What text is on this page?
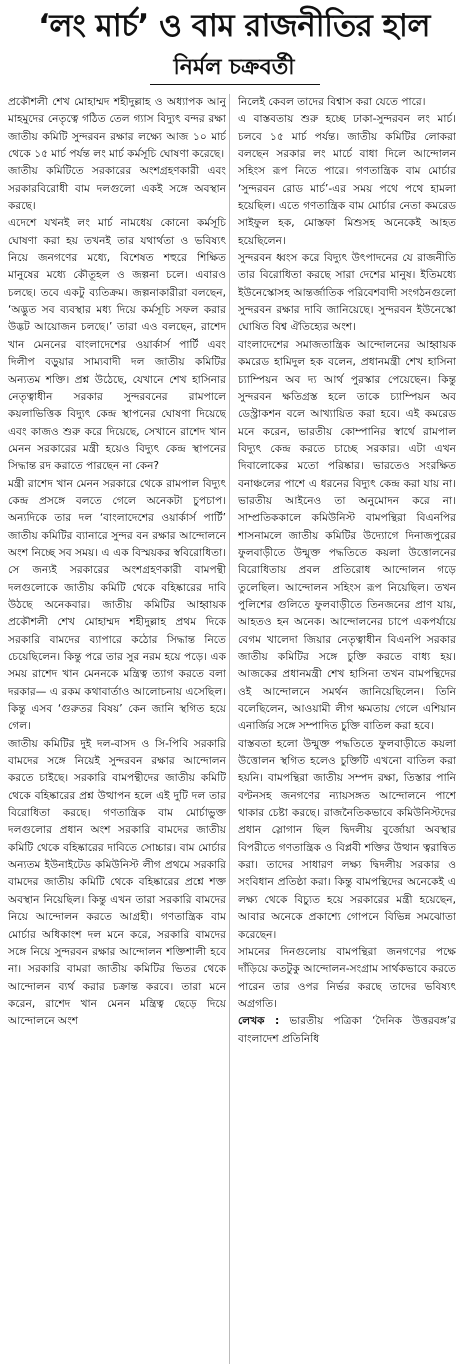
‘লং মার্চ’ ও বাম রাজনীতির হাল
নির্মল চক্রবর্তী

প্রকৌশলী শেখ মোহাম্মদ শহীদুল্লাহ ও অধ্যাপক আনু মাহমুদের নেতৃত্বে গঠিত তেল গ্যাস বিদ্যুৎ বন্দর রক্ষা জাতীয় কমিটি সুন্দরবন রক্ষার লক্ষ্যে আজ ১০ মার্চ থেকে ১৫ মার্চ পর্যন্ত লং মার্চ কর্মসূচি ঘোষণা করেছে।

জাতীয় কমিটিতে সরকারের অংশগ্রহণকারী এবং সরকারবিরোধী বাম দলগুলো একই সঙ্গে অবস্থান করছে।

এদেশে যখনই লং মার্চ নামধেয় কোনো কর্মসূচি ঘোষণা করা হয় তখনই তার যথার্থতা ও ভবিষ্যৎ নিয়ে জনগণের মধ্যে, বিশেষত শহুরে শিক্ষিত মানুষের মধ্যে কৌতূহল ও জল্পনা চলে। এবারও চলছে। তবে একটু ব্যতিক্রম। জল্পনাকারীরা বলছেন, ‘অদ্ভুত সব ব্যবস্থার মধ্য দিয়ে কর্মসূচি সফল করার উদ্ভট আয়োজন চলছে।’ তারা এও বলছেন, রাশেদ খান মেননের বাংলাদেশের ওয়ার্কার্স পার্টি এবং দিলীপ বড়ুয়ার সাম্যবাদী দল জাতীয় কমিটির অন্যতম শক্তি। প্রশ্ন উঠেছে, যেখানে শেখ হাসিনার নেতৃত্বাধীন সরকার সুন্দরবনের রামপালে কয়লাভিত্তিক বিদ্যুৎ কেন্দ্র স্থাপনের ঘোষণা দিয়েছে এবং কাজও শুরু করে দিয়েছে, সেখানে রাশেদ খান মেনন সরকারের মন্ত্রী হয়েও বিদ্যুৎ কেন্দ্র স্থাপনের সিদ্ধান্ত রদ করাতে পারছেন না কেন?

মন্ত্রী রাশেদ খান মেনন সরকারে থেকে রামপাল বিদ্যুৎ কেন্দ্র প্রসঙ্গে বলতে গেলে অনেকটা চুপচাপ। অন্যদিকে তার দল ‘বাংলাদেশের ওয়ার্কার্স পার্টি’ জাতীয় কমিটির ব্যানারে সুন্দর বন রক্ষার আন্দোলনে অংশ নিচ্ছে সব সময়। এ এক বিস্ময়কর স্ববিরোধিতা। সে জন্যই সরকারের অংশগ্রহণকারী বামপন্থী দলগুলোকে জাতীয় কমিটি থেকে বহিষ্কারের দাবি উঠছে অনেকবার। জাতীয় কমিটির আহ্বায়ক প্রকৌশলী শেখ মোহাম্মদ শহীদুল্লাহ প্রথম দিকে সরকারি বামদের ব্যাপারে কঠোর সিদ্ধান্ত নিতে চেয়েছিলেন। কিন্তু পরে তার সুর নরম হয়ে পড়ে। এক সময় রাশেদ খান মেননকে মন্ত্রিত্ব ত্যাগ করতে বলা দরকার— এ রকম কথাবার্তাও আলোচনায় এসেছিল। কিন্তু এসব ‘গুরুতর বিষয়’ কেন জানি স্থগিত হয়ে গেল।

জাতীয় কমিটির দুই দল-বাসদ ও সি-পিবি সরকারি বামদের সঙ্গে নিয়েই সুন্দরবন রক্ষার আন্দোলন করতে চাইছে। সরকারি বামপন্থীদের জাতীয় কমিটি থেকে বহিষ্কারের প্রশ্ন উত্থাপন হলে এই দুটি দল তার বিরোধিতা করছে। গণতান্ত্রিক বাম মোর্চাভুক্ত দলগুলোর প্রধান অংশ সরকারি বামদের জাতীয় কমিটি থেকে বহিষ্কারের দাবিতে সোচ্চার। বাম মোর্চার অন্যতম ইউনাইটেড কমিউনিস্ট লীগ প্রথমে সরকারি বামদের জাতীয় কমিটি থেকে বহিষ্কারের প্রশ্নে শক্ত অবস্থান নিয়েছিল। কিন্তু এখন তারা সরকারি বামদের নিয়ে আন্দোলন করতে আগ্রহী। গণতান্ত্রিক বাম মোর্চার অধিকাংশ দল মনে করে, সরকারি বামদের সঙ্গে নিয়ে সুন্দরবন রক্ষার আন্দোলন শক্তিশালী হবে না। সরকারি বামরা জাতীয় কমিটির ভিতর থেকে আন্দোলন ব্যর্থ করার চক্রান্ত করবে। তারা মনে করেন, রাশেদ খান মেনন মন্ত্রিত্ব ছেড়ে দিয়ে আন্দোলনে অংশ

নিলেই কেবল তাদের বিশ্বাস করা যেতে পারে।

এ বাস্তবতায় শুরু হচ্ছে ঢাকা-সুন্দরবন লং মার্চ। চলবে ১৫ মার্চ পর্যন্ত। জাতীয় কমিটির লোকরা বলছেন সরকার লং মার্চে বাধা দিলে আন্দোলন সহিংস রূপ নিতে পারে। গণতান্ত্রিক বাম মোর্চার ‘সুন্দরবন রোড মার্চ’-এর সময় পথে পথে হামলা হয়েছিল। এতে গণতান্ত্রিক বাম মোর্চার নেতা কমরেড সাইফুল হক, মোস্তফা মিশুসহ অনেকেই আহত হয়েছিলেন।

সুন্দরবন ধ্বংস করে বিদ্যুৎ উৎপাদনের যে রাজনীতি তার বিরোধিতা করছে সারা দেশের মানুষ। ইতিমধ্যে ইউনেস্কোসহ আন্তর্জাতিক পরিবেশবাদী সংগঠনগুলো সুন্দরবন রক্ষার দাবি জানিয়েছে। সুন্দরবন ইউনেস্কো ঘোষিত বিশ্ব ঐতিহ্যের অংশ।

বাংলাদেশের সমাজতান্ত্রিক আন্দোলনের আহ্বায়ক কমরেড হামিদুল হক বলেন, প্রধানমন্ত্রী শেখ হাসিনা চ্যাম্পিয়ন অব দ্য আর্থ পুরস্কার পেয়েছেন। কিন্তু সুন্দরবন ক্ষতিগ্রস্ত হলে তাকে চ্যাম্পিয়ন অব ডেস্ট্রাকশন বলে আখ্যায়িত করা হবে। এই কমরেড মনে করেন, ভারতীয় কোম্পানির স্বার্থে রামপাল বিদ্যুৎ কেন্দ্র করতে চাচ্ছে সরকার। এটা এখন দিবালোকের মতো পরিষ্কার। ভারতেও সংরক্ষিত বনাঞ্চলের পাশে এ ধরনের বিদ্যুৎ কেন্দ্র করা যায় না। ভারতীয় আইনেও তা অনুমোদন করে না। সাম্প্রতিককালে কমিউনিস্ট বামপন্থিরা বিএনপির শাসনামলে জাতীয় কমিটির উদ্যোগে দিনাজপুরের ফুলবাড়ীতে উন্মুক্ত পদ্ধতিতে কয়লা উত্তোলনের বিরোধিতায় প্রবল প্রতিরোধ আন্দোলন গড়ে তুলেছিল। আন্দোলন সহিংস রূপ নিয়েছিল। তখন পুলিশের গুলিতে ফুলবাড়ীতে তিনজনের প্রাণ যায়, আহতও হন অনেক। আন্দোলনের চাপে একপর্যায়ে বেগম খালেদা জিয়ার নেতৃত্বাধীন বিএনপি সরকার জাতীয় কমিটির সঙ্গে চুক্তি করতে বাধ্য হয়। আজকের প্রধানমন্ত্রী শেখ হাসিনা তখন বামপন্থিদের ওই আন্দোলনে সমর্থন জানিয়েছিলেন। তিনি বলেছিলেন, আওয়ামী লীগ ক্ষমতায় গেলে এশিয়ান এনার্জির সঙ্গে সম্পাদিত চুক্তি বাতিল করা হবে।

বাস্তবতা হলো উন্মুক্ত পদ্ধতিতে ফুলবাড়ীতে কয়লা উত্তোলন স্থগিত হলেও চুক্তিটি এখনো বাতিল করা হয়নি। বামপন্থিরা জাতীয় সম্পদ রক্ষা, তিস্তার পানি বণ্টনসহ জনগণের ন্যায়সঙ্গত আন্দোলনে পাশে থাকার চেষ্টা করছে। রাজনৈতিকভাবে কমিউনিস্টদের প্রধান স্লোগান ছিল দ্বিদলীয় বুর্জোয়া অবস্থার বিপরীতে গণতান্ত্রিক ও বিপ্লবী শক্তির উত্থান ত্বরান্বিত করা। তাদের সাধারণ লক্ষ্য দ্বিদলীয় সরকার ও সংবিধান প্রতিষ্ঠা করা। কিন্তু বামপন্থিদের অনেকেই এ লক্ষ্য থেকে বিচ্যুত হয়ে সরকারের মন্ত্রী হয়েছেন, আবার অনেকে প্রকাশ্যে গোপনে বিভিন্ন সমঝোতা করেছেন।

সামনের দিনগুলোয় বামপন্থিরা জনগণের পক্ষে দাঁড়িয়ে কতটুকু আন্দোলন-সংগ্রাম সার্থকভাবে করতে পারেন তার ওপর নির্ভর করছে তাদের ভবিষ্যৎ অগ্রগতি।

লেখক : ভারতীয় পত্রিকা ‘দৈনিক উত্তরবঙ্গ’র বাংলাদেশ প্রতিনিধি
